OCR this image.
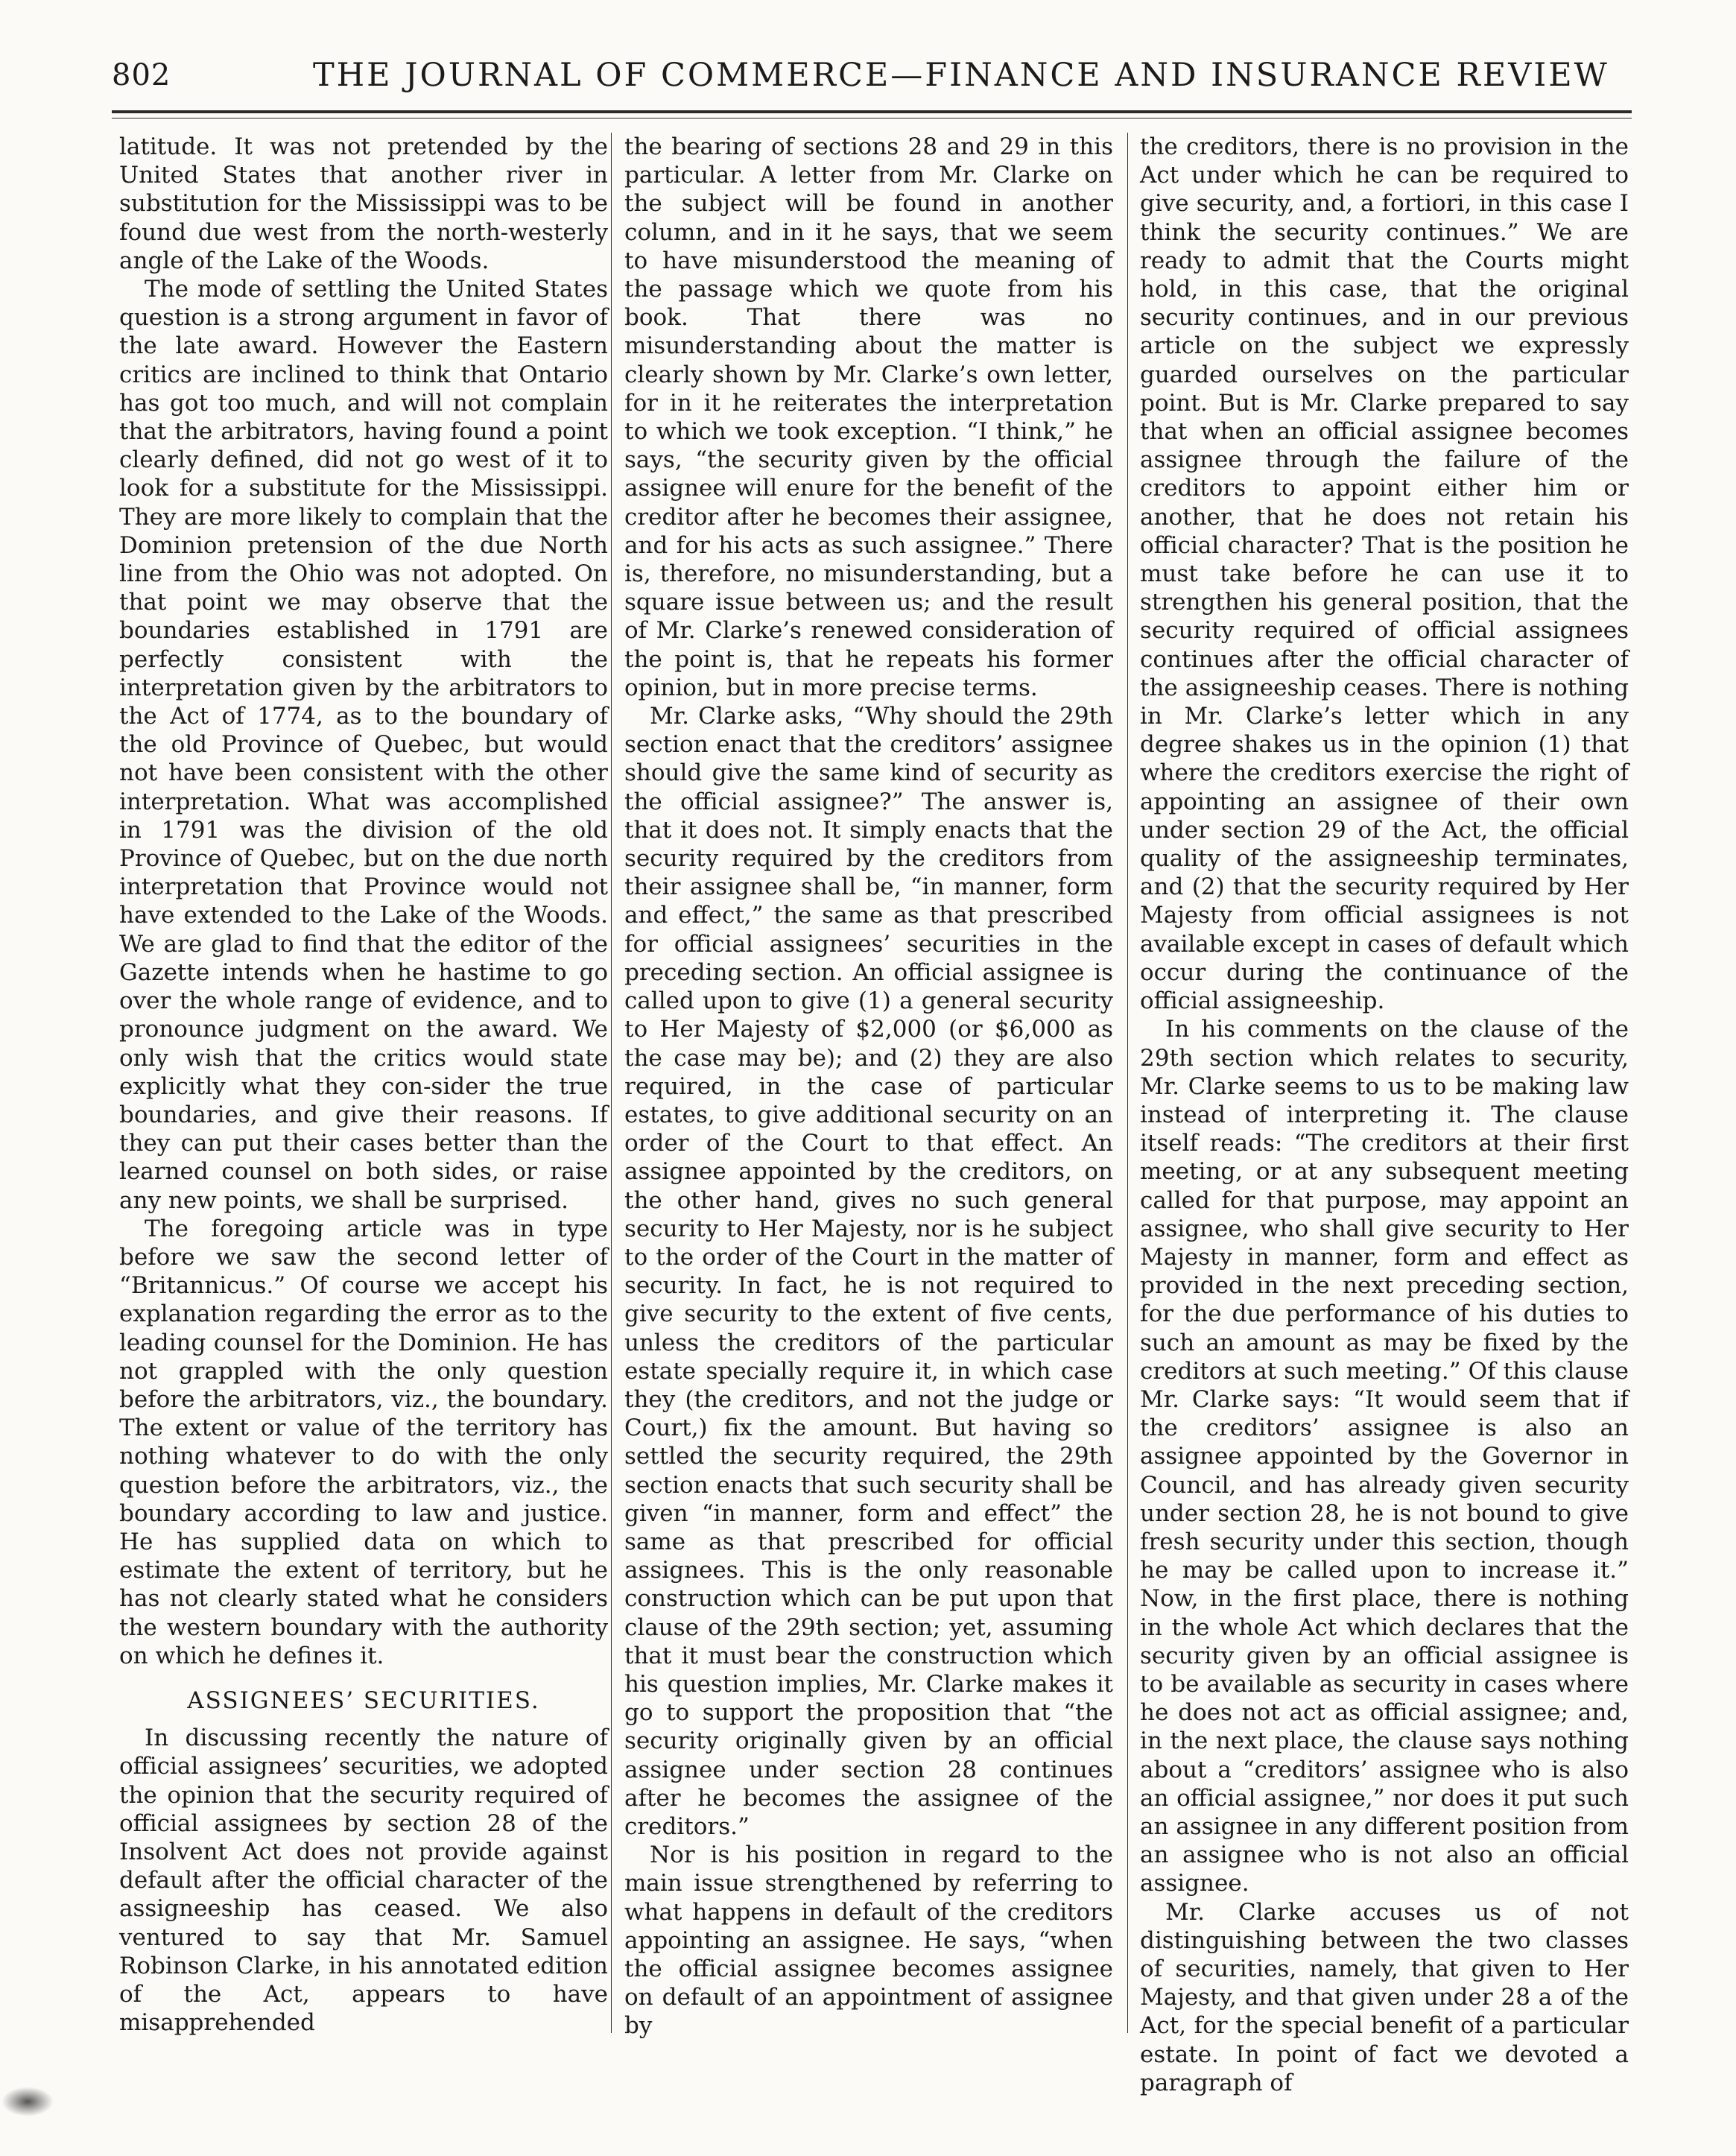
802	THE JOURNAL OF COMMERCE—FINANCE AND INSURANCE REVIEW

latitude. It was not pretended by the United States that another river in substitution for the Mississippi was to be found due west from the north-westerly angle of the Lake of the Woods.

The mode of settling the United States question is a strong argument in favor of the late award. However the Eastern critics are inclined to think that Ontario has got too much, and will not complain that the arbitrators, having found a point clearly defined, did not go west of it to look for a substitute for the Mississippi. They are more likely to complain that the Dominion pretension of the due North line from the Ohio was not adopted. On that point we may observe that the boundaries established in 1791 are perfectly consistent with the interpretation given by the arbitrators to the Act of 1774, as to the boundary of the old Province of Quebec, but would not have been consistent with the other interpretation. What was accomplished in 1791 was the division of the old Province of Quebec, but on the due north interpretation that Province would not have extended to the Lake of the Woods. We are glad to find that the editor of the Gazette intends when he hastime to go over the whole range of evidence, and to pronounce judgment on the award. We only wish that the critics would state explicitly what they con-sider the true boundaries, and give their reasons. If they can put their cases better than the learned counsel on both sides, or raise any new points, we shall be surprised.

The foregoing article was in type before we saw the second letter of “Britannicus.” Of course we accept his explanation regarding the error as to the leading counsel for the Dominion. He has not grappled with the only question before the arbitrators, viz., the boundary. The extent or value of the territory has nothing whatever to do with the only question before the arbitrators, viz., the boundary according to law and justice. He has supplied data on which to estimate the extent of territory, but he has not clearly stated what he considers the western boundary with the authority on which he defines it.

ASSIGNEES’ SECURITIES.

In discussing recently the nature of official assignees’ securities, we adopted the opinion that the security required of official assignees by section 28 of the Insolvent Act does not provide against default after the official character of the assigneeship has ceased. We also ventured to say that Mr. Samuel Robinson Clarke, in his annotated edition of the Act, appears to have misapprehended

the bearing of sections 28 and 29 in this particular. A letter from Mr. Clarke on the subject will be found in another column, and in it he says, that we seem to have misunderstood the meaning of the passage which we quote from his book. That there was no misunderstanding about the matter is clearly shown by Mr. Clarke’s own letter, for in it he reiterates the interpretation to which we took exception. “I think,” he says, “the security given by the official assignee will enure for the benefit of the creditor after he becomes their assignee, and for his acts as such assignee.” There is, therefore, no misunderstanding, but a square issue between us; and the result of Mr. Clarke’s renewed consideration of the point is, that he repeats his former opinion, but in more precise terms.

Mr. Clarke asks, “Why should the 29th section enact that the creditors’ assignee should give the same kind of security as the official assignee?” The answer is, that it does not. It simply enacts that the security required by the creditors from their assignee shall be, “in manner, form and effect,” the same as that prescribed for official assignees’ securities in the preceding section. An official assignee is called upon to give (1) a general security to Her Majesty of $2,000 (or $6,000 as the case may be); and (2) they are also required, in the case of particular estates, to give additional security on an order of the Court to that effect. An assignee appointed by the creditors, on the other hand, gives no such general security to Her Majesty, nor is he subject to the order of the Court in the matter of security. In fact, he is not required to give security to the extent of five cents, unless the creditors of the particular estate specially require it, in which case they (the creditors, and not the judge or Court,) fix the amount. But having so settled the security required, the 29th section enacts that such security shall be given “in manner, form and effect” the same as that prescribed for official assignees. This is the only reasonable construction which can be put upon that clause of the 29th section; yet, assuming that it must bear the construction which his question implies, Mr. Clarke makes it go to support the proposition that “the security originally given by an official assignee under section 28 continues after he becomes the assignee of the creditors.”

Nor is his position in regard to the main issue strengthened by referring to what happens in default of the creditors appointing an assignee. He says, “when the official assignee becomes assignee on default of an appointment of assignee by

the creditors, there is no provision in the Act under which he can be required to give security, and, a fortiori, in this case I think the security continues.” We are ready to admit that the Courts might hold, in this case, that the original security continues, and in our previous article on the subject we expressly guarded ourselves on the particular point. But is Mr. Clarke prepared to say that when an official assignee becomes assignee through the failure of the creditors to appoint either him or another, that he does not retain his official character? That is the position he must take before he can use it to strengthen his general position, that the security required of official assignees continues after the official character of the assigneeship ceases. There is nothing in Mr. Clarke’s letter which in any degree shakes us in the opinion (1) that where the creditors exercise the right of appointing an assignee of their own under section 29 of the Act, the official quality of the assigneeship terminates, and (2) that the security required by Her Majesty from official assignees is not available except in cases of default which occur during the continuance of the official assigneeship.

In his comments on the clause of the 29th section which relates to security, Mr. Clarke seems to us to be making law instead of interpreting it. The clause itself reads: “The creditors at their first meeting, or at any subsequent meeting called for that purpose, may appoint an assignee, who shall give security to Her Majesty in manner, form and effect as provided in the next preceding section, for the due performance of his duties to such an amount as may be fixed by the creditors at such meeting.” Of this clause Mr. Clarke says: “It would seem that if the creditors’ assignee is also an assignee appointed by the Governor in Council, and has already given security under section 28, he is not bound to give fresh security under this section, though he may be called upon to increase it.” Now, in the first place, there is nothing in the whole Act which declares that the security given by an official assignee is to be available as security in cases where he does not act as official assignee; and, in the next place, the clause says nothing about a “creditors’ assignee who is also an official assignee,” nor does it put such an assignee in any different position from an assignee who is not also an official assignee.

Mr. Clarke accuses us of not distinguishing between the two classes of securities, namely, that given to Her Majesty, and that given under 28 a of the Act, for the special benefit of a particular estate. In point of fact we devoted a paragraph of
